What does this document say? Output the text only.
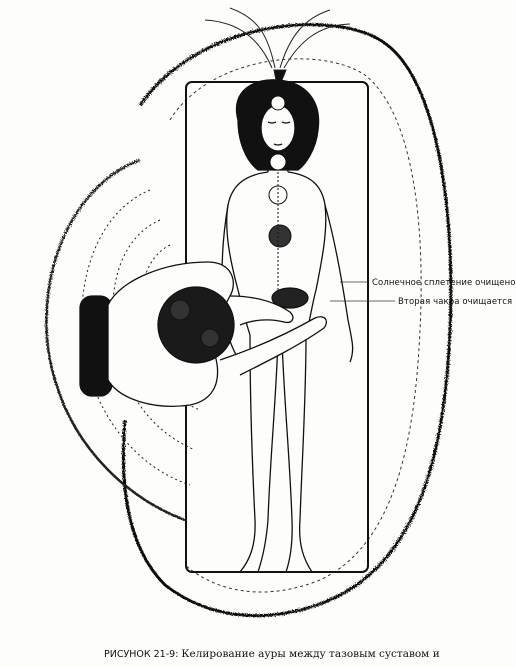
Солнечное сплетение очищено
Вторая чакра очищается
РИСУНОК 21-9: Келирование ауры между тазовым суставом и
